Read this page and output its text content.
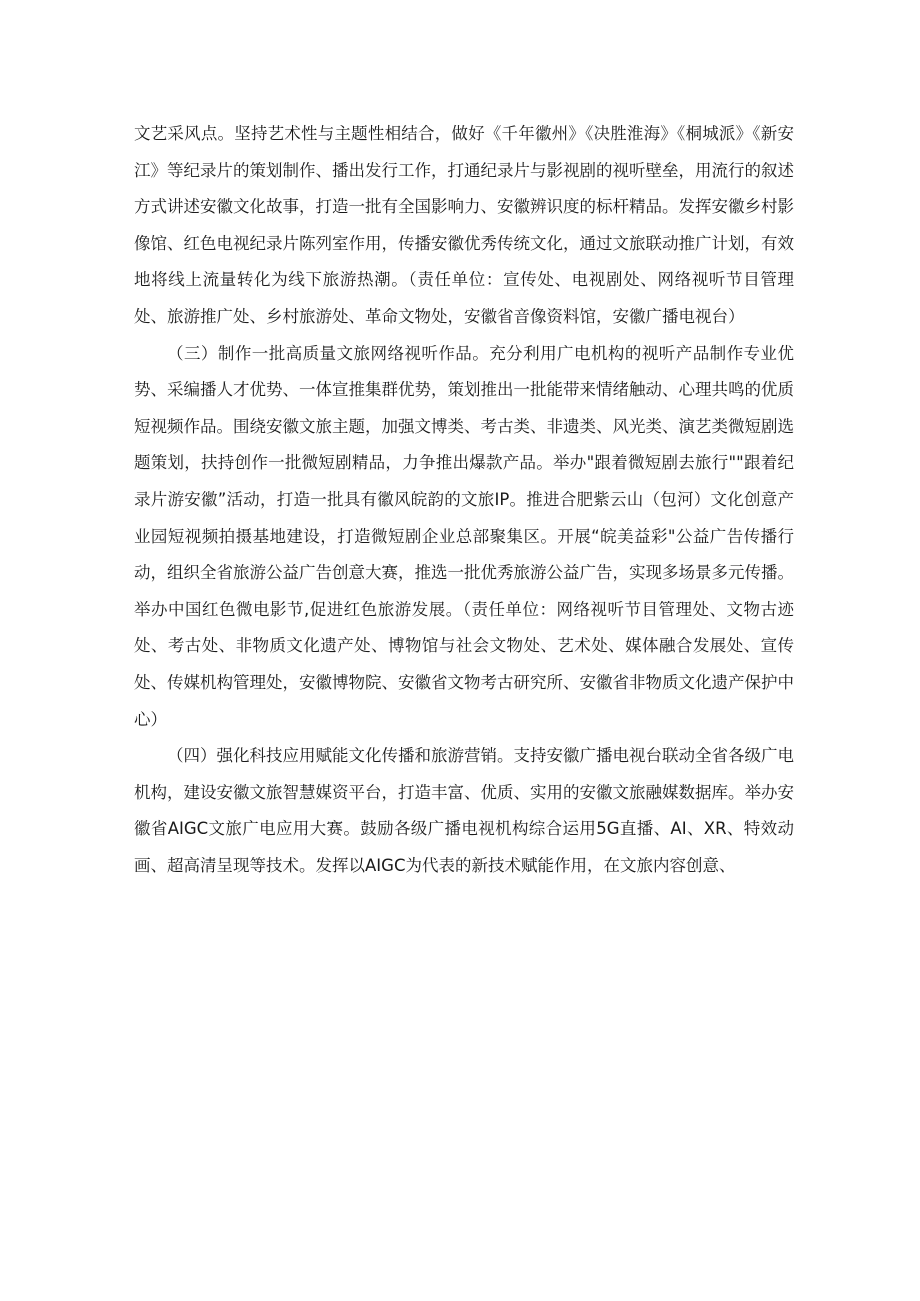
文艺采风点。坚持艺术性与主题性相结合，做好《千年徽州》《决胜淮海》《桐城派》《新安江》等纪录片的策划制作、播出发行工作，打通纪录片与影视剧的视听壁垒，用流行的叙述方式讲述安徽文化故事，打造一批有全国影响力、安徽辨识度的标杆精品。发挥安徽乡村影像馆、红色电视纪录片陈列室作用，传播安徽优秀传统文化，通过文旅联动推广计划，有效地将线上流量转化为线下旅游热潮。（责任单位：宣传处、电视剧处、网络视听节目管理处、旅游推广处、乡村旅游处、革命文物处，安徽省音像资料馆，安徽广播电视台）

（三）制作一批高质量文旅网络视听作品。充分利用广电机构的视听产品制作专业优势、采编播人才优势、一体宣推集群优势，策划推出一批能带来情绪触动、心理共鸣的优质短视频作品。围绕安徽文旅主题，加强文博类、考古类、非遗类、风光类、演艺类微短剧选题策划，扶持创作一批微短剧精品，力争推出爆款产品。举办"跟着微短剧去旅行""跟着纪录片游安徽”活动，打造一批具有徽风皖韵的文旅IP。推进合肥紫云山（包河）文化创意产业园短视频拍摄基地建设，打造微短剧企业总部聚集区。开展“皖美益彩"公益广告传播行动，组织全省旅游公益广告创意大赛，推选一批优秀旅游公益广告，实现多场景多元传播。举办中国红色微电影节,促进红色旅游发展。（责任单位：网络视听节目管理处、文物古迹处、考古处、非物质文化遗产处、博物馆与社会文物处、艺术处、媒体融合发展处、宣传处、传媒机构管理处，安徽博物院、安徽省文物考古研究所、安徽省非物质文化遗产保护中心）

（四）强化科技应用赋能文化传播和旅游营销。支持安徽广播电视台联动全省各级广电机构，建设安徽文旅智慧媒资平台，打造丰富、优质、实用的安徽文旅融媒数据库。举办安徽省AIGC文旅广电应用大赛。鼓励各级广播电视机构综合运用5G直播、AI、XR、特效动画、超高清呈现等技术。发挥以AIGC为代表的新技术赋能作用，在文旅内容创意、
